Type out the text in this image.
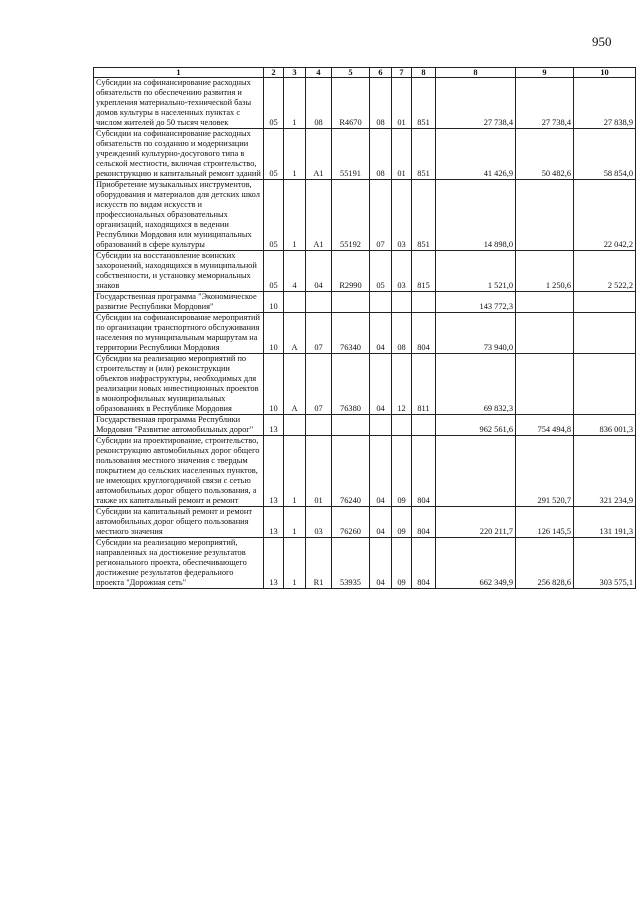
950
1	2	3	4	5	6	7	8	8	9	10
Субсидии на софинансирование расходных обязательств по обеспечению развития и укрепления материально-технической базы домов культуры в населенных пунктах с числом жителей до 50 тысяч человек	05	1	08	R4670	08	01	851	27 738,4	27 738,4	27 838,9
Субсидии на софинансирование расходных обязательств по созданию и модернизации учреждений культурно-досугового типа в сельской местности, включая строительство, реконструкцию и капитальный ремонт зданий	05	1	A1	55191	08	01	851	41 426,9	50 482,6	58 854,0
Приобретение музыкальных инструментов, оборудования и материалов для детских школ искусств по видам искусств и профессиональных образовательных организаций, находящихся в ведении Республики Мордовия или муниципальных образований в сфере культуры	05	1	A1	55192	07	03	851	14 898,0		22 042,2
Субсидии на восстановление воинских захоронений, находящихся в муниципальной собственности, и установку мемориальных знаков	05	4	04	R2990	05	03	815	1 521,0	1 250,6	2 522,2
Государственная программа "Экономическое развитие Республики Мордовия"	10							143 772,3		
Субсидии на софинансирование мероприятий по организации транспортного обслуживания населения по муниципальным маршрутам на территории Республики Мордовия	10	А	07	76340	04	08	804	73 940,0		
Субсидии на реализацию мероприятий по строительству и (или) реконструкции объектов инфраструктуры, необходимых для реализации новых инвестиционных проектов в монопрофильных муниципальных образованиях в Республике Мордовия	10	А	07	76380	04	12	811	69 832,3		
Государственная программа Республики Мордовия "Развитие автомобильных дорог"	13							962 561,6	754 494,8	836 001,3
Субсидии на проектирование, строительство, реконструкцию автомобильных дорог общего пользования местного значения с твердым покрытием до сельских населенных пунктов, не имеющих круглогодичной связи с сетью автомобильных дорог общего пользования, а также их капитальный ремонт и ремонт	13	1	01	76240	04	09	804		291 520,7	321 234,9
Субсидии на капитальный ремонт и ремонт автомобильных дорог общего пользования местного значения	13	1	03	76260	04	09	804	220 211,7	126 145,5	131 191,3
Субсидии на реализацию мероприятий, направленных на достижение результатов регионального проекта, обеспечивающего достижение результатов федерального проекта "Дорожная сеть"	13	1	R1	53935	04	09	804	662 349,9	256 828,6	303 575,1
